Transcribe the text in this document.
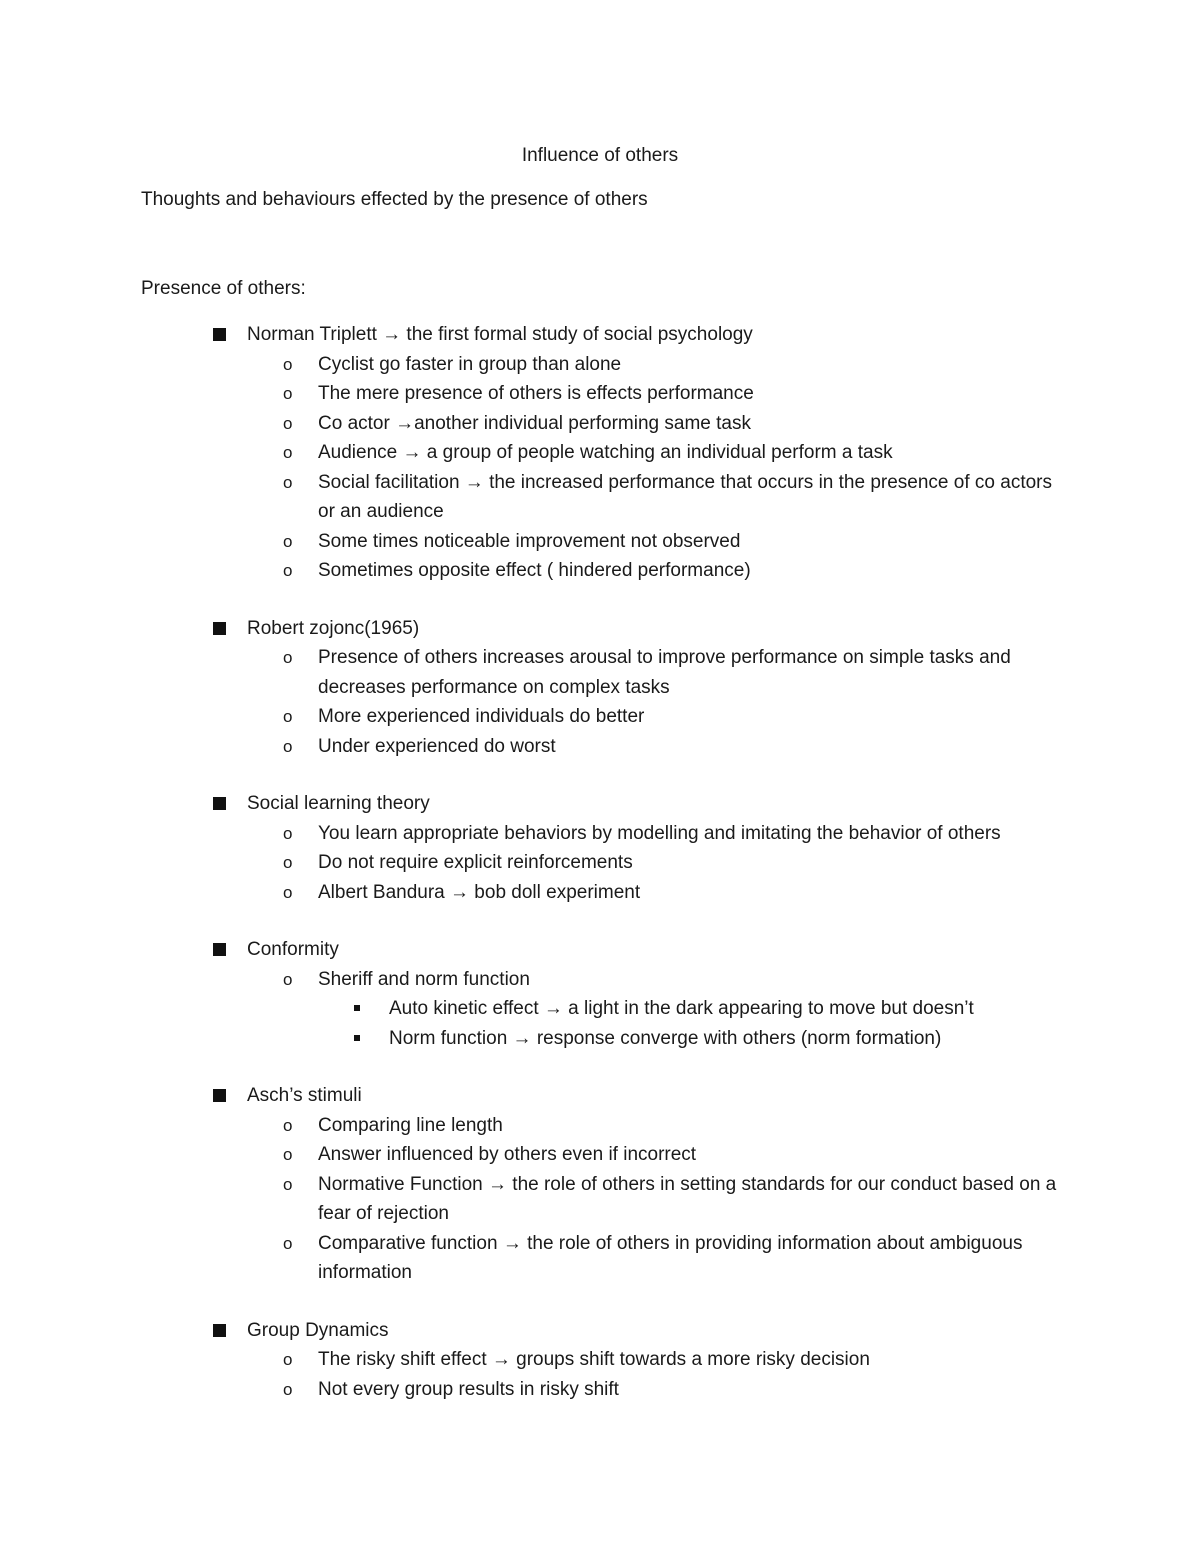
Influence of others
Thoughts and behaviours effected by the presence of others
Presence of others:
Norman Triplett → the first formal study of social psychology
o Cyclist go faster in group than alone
o The mere presence of others is effects performance
o Co actor →another individual performing same task
o Audience → a group of people watching an individual perform a task
o Social facilitation → the increased performance that occurs in the presence of co actors or an audience
o Some times noticeable improvement not observed
o Sometimes opposite effect ( hindered performance)
Robert zojonc(1965)
o Presence of others increases arousal to improve performance on simple tasks and decreases performance on complex tasks
o More experienced individuals do better
o Under experienced do worst
Social learning theory
o You learn appropriate behaviors by modelling and imitating the behavior of others
o Do not require explicit reinforcements
o Albert Bandura → bob doll experiment
Conformity
o Sheriff and norm function
Auto kinetic effect → a light in the dark appearing to move but doesn’t
Norm function → response converge with others (norm formation)
Asch’s stimuli
o Comparing line length
o Answer influenced by others even if incorrect
o Normative Function → the role of others in setting standards for our conduct based on a fear of rejection
o Comparative function → the role of others in providing information about ambiguous information
Group Dynamics
o The risky shift effect → groups shift towards a more risky decision
o Not every group results in risky shift
